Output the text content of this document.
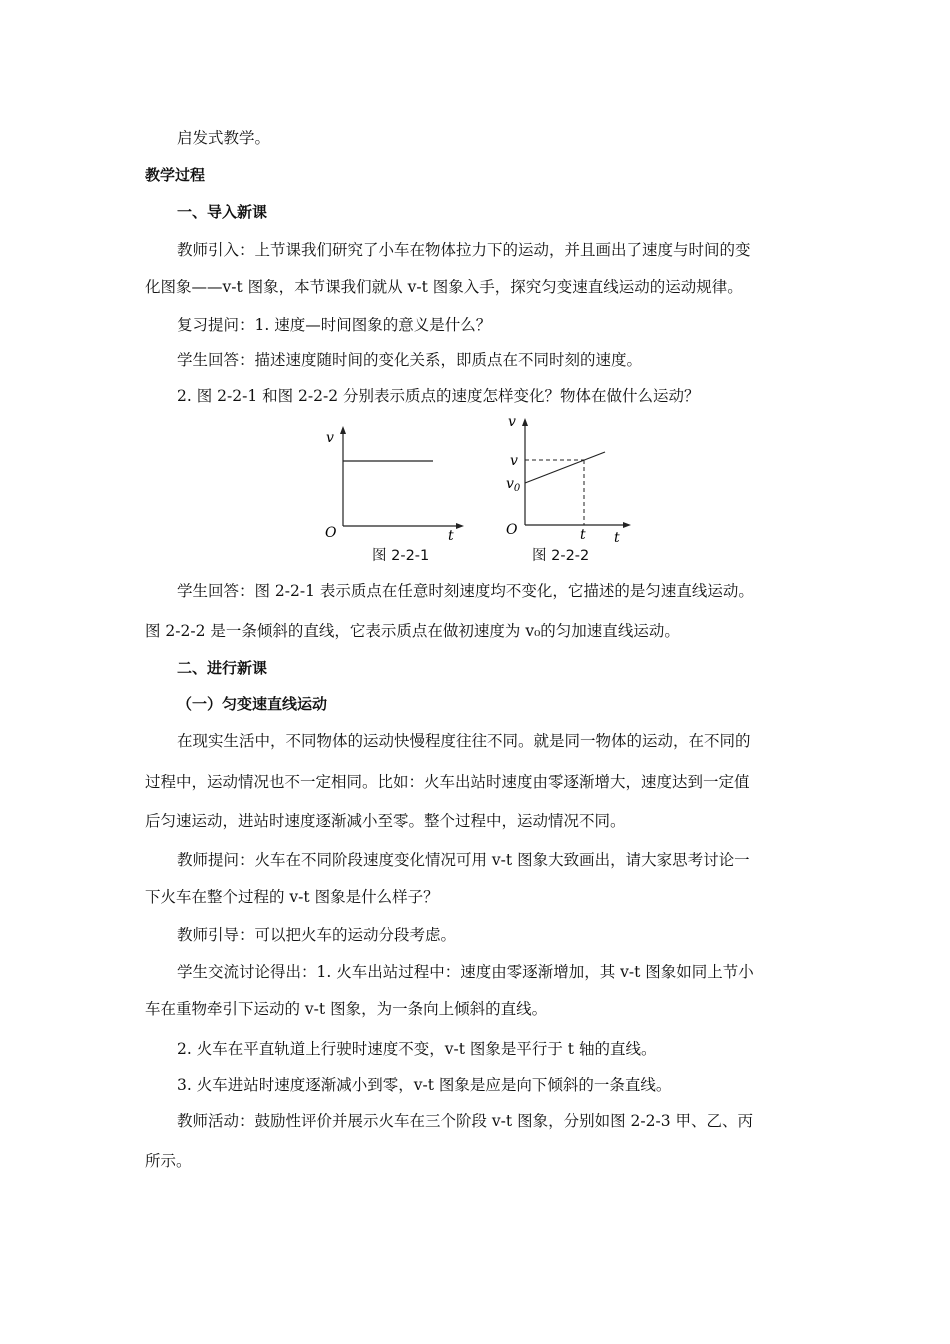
启发式教学。
教学过程
一、导入新课
教师引入：上节课我们研究了小车在物体拉力下的运动，并且画出了速度与时间的变
化图象——v-t 图象，本节课我们就从 v-t 图象入手，探究匀变速直线运动的运动规律。
复习提问：1. 速度—时间图象的意义是什么？
学生回答：描述速度随时间的变化关系，即质点在不同时刻的速度。
2. 图 2-2-1 和图 2-2-2 分别表示质点的速度怎样变化？物体在做什么运动？
v
O	t
图 2-2-1
v
v
$v_0$
O	t t
图 2-2-2
学生回答：图 2-2-1 表示质点在任意时刻速度均不变化，它描述的是匀速直线运动。
图 2-2-2 是一条倾斜的直线，它表示质点在做初速度为 v₀的匀加速直线运动。
二、进行新课
（一）匀变速直线运动
在现实生活中，不同物体的运动快慢程度往往不同。就是同一物体的运动，在不同的
过程中，运动情况也不一定相同。比如：火车出站时速度由零逐渐增大，速度达到一定值
后匀速运动，进站时速度逐渐减小至零。整个过程中，运动情况不同。
教师提问：火车在不同阶段速度变化情况可用 v-t 图象大致画出，请大家思考讨论一
下火车在整个过程的 v-t 图象是什么样子？
教师引导：可以把火车的运动分段考虑。
学生交流讨论得出：1. 火车出站过程中：速度由零逐渐增加，其 v-t 图象如同上节小
车在重物牵引下运动的 v-t 图象，为一条向上倾斜的直线。
2. 火车在平直轨道上行驶时速度不变，v-t 图象是平行于 t 轴的直线。
3. 火车进站时速度逐渐减小到零，v-t 图象是应是向下倾斜的一条直线。
教师活动：鼓励性评价并展示火车在三个阶段 v-t 图象，分别如图 2-2-3 甲、乙、丙
所示。
